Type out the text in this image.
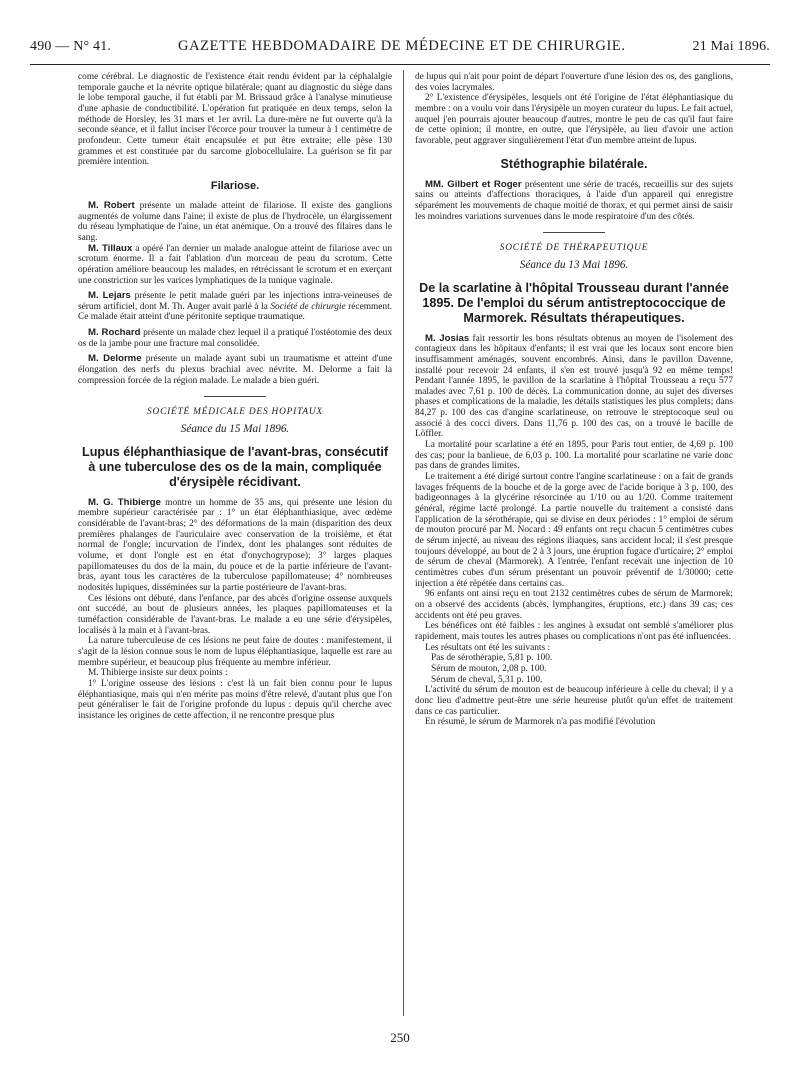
490 — N° 41.	GAZETTE HEBDOMADAIRE DE MÉDECINE ET DE CHIRURGIE.	21 Mai 1896.

come cérébral. Le diagnostic de l'existence était rendu évident par la céphalalgie temporale gauche et la névrite optique bilatérale; quant au diagnostic du siège dans le lobe temporal gauche, il fut établi par M. Brissaud grâce à l'analyse minutieuse d'une aphasie de conductibilité. L'opération fut pratiquée en deux temps, selon la méthode de Horsley, les 31 mars et 1er avril. La dure-mère ne fut ouverte qu'à la seconde séance, et il fallut inciser l'écorce pour trouver la tumeur à 1 centimètre de profondeur. Cette tumeur était encapsulée et put être extraite; elle pèse 130 grammes et est constituée par du sarcome globocellulaire. La guérison se fit par première intention.

Filariose.

M. Robert présente un malade atteint de filariose. Il existe des ganglions augmentés de volume dans l'aine; il existe de plus de l'hydrocèle, un élargissement du réseau lymphatique de l'aine, un état anémique. On a trouvé des filaires dans le sang.

M. Tillaux a opéré l'an dernier un malade analogue atteint de filariose avec un scrotum énorme. Il a fait l'ablation d'un morceau de peau du scrotum. Cette opération améliore beaucoup les malades, en rétrécissant le scrotum et en exerçant une constriction sur les varices lymphatiques de la tunique vaginale.

M. Lejars présente le petit malade guéri par les injections intra-veineuses de sérum artificiel, dont M. Th. Auger avait parlé à la Société de chirurgie récemment. Ce malade était atteint d'une péritonite septique traumatique.

M. Rochard présente un malade chez lequel il a pratiqué l'ostéotomie des deux os de la jambe pour une fracture mal consolidée.

M. Delorme présente un malade ayant subi un traumatisme et atteint d'une élongation des nerfs du plexus brachial avec névrite. M. Delorme a fait la compression forcée de la région malade. Le malade a bien guéri.

SOCIÉTÉ MÉDICALE DES HOPITAUX
Séance du 15 Mai 1896.
Lupus éléphanthiasique de l'avant-bras, consécutif à une tuberculose des os de la main, compliquée d'érysipèle récidivant.

M. G. Thibierge montre un homme de 35 ans, qui présente une lésion du membre supérieur caractérisée par : 1° un état éléphanthiasique, avec œdème considérable de l'avant-bras; 2° des déformations de la main (disparition des deux premières phalanges de l'auriculaire avec conservation de la troisième, et état normal de l'ongle; incurvation de l'index, dont les phalanges sont réduites de volume, et dont l'ongle est en état d'onychogrypose); 3° larges plaques papillomateuses du dos de la main, du pouce et de la partie inférieure de l'avant-bras, ayant tous les caractères de la tuberculose papillomateuse; 4° nombreuses nodosités lupiques, disséminées sur la partie postérieure de l'avant-bras.

Ces lésions ont débuté, dans l'enfance, par des abcès d'origine osseuse auxquels ont succédé, au bout de plusieurs années, les plaques papillomateuses et la tuméfaction considérable de l'avant-bras. Le malade a eu une série d'érysipèles, localisés à la main et à l'avant-bras.

La nature tuberculeuse de ces lésions ne peut faire de doutes : manifestement, il s'agit de la lésion connue sous le nom de lupus éléphantiasique, laquelle est rare au membre supérieur, et beaucoup plus fréquente au membre inférieur.

M. Thibierge insiste sur deux points :

1° L'origine osseuse des lésions : c'est là un fait bien connu pour le lupus éléphantiasique, mais qui n'en mérite pas moins d'être relevé, d'autant plus que l'on peut généraliser le fait de l'origine profonde du lupus : depuis qu'il cherche avec insistance les origines de cette affection, il ne rencontre presque plus

de lupus qui n'ait pour point de départ l'ouverture d'une lésion des os, des ganglions, des voies lacrymales.

2° L'existence d'érysipèles, lesquels ont été l'origine de l'état éléphantiasique du membre : on a voulu voir dans l'érysipèle un moyen curateur du lupus. Le fait actuel, auquel j'en pourrais ajouter beaucoup d'autres, montre le peu de cas qu'il faut faire de cette opinion; il montre, en outre, que l'érysipèle, au lieu d'avoir une action favorable, peut aggraver singulièrement l'état d'un membre atteint de lupus.

Stéthographie bilatérale.

MM. Gilbert et Roger présentent une série de tracés, recueillis sur des sujets sains ou atteints d'affections thoraciques, à l'aide d'un appareil qui enregistre séparément les mouvements de chaque moitié de thorax, et qui permet ainsi de saisir les moindres variations survenues dans le mode respiratoire d'un des côtés.

SOCIÉTÉ DE THÉRAPEUTIQUE
Séance du 13 Mai 1896.
De la scarlatine à l'hôpital Trousseau durant l'année 1895. De l'emploi du sérum antistreptococcique de Marmorek. Résultats thérapeutiques.

M. Josias fait ressortir les bons résultats obtenus au moyen de l'isolement des contagieux dans les hôpitaux d'enfants; il est vrai que les locaux sont encore bien insuffisamment aménagés, souvent encombrés. Ainsi, dans le pavillon Davenne, installé pour recevoir 24 enfants, il s'en est trouvé jusqu'à 92 en même temps! Pendant l'année 1895, le pavillon de la scarlatine à l'hôpital Trousseau a reçu 577 malades avec 7,61 p. 100 de décès. La communication donne, au sujet des diverses phases et complications de la maladie, les détails statistiques les plus complets; dans 84,27 p. 100 des cas d'angine scarlatineuse, on retrouve le streptocoque seul ou associé à des cocci divers. Dans 11,76 p. 100 des cas, on a trouvé le bacille de Löffler.

La mortalité pour scarlatine a été en 1895, pour Paris tout entier, de 4,69 p. 100 des cas; pour la banlieue, de 6,03 p. 100. La mortalité pour scarlatine ne varie donc pas dans de grandes limites.

Le traitement a été dirigé surtout contre l'angine scarlatineuse : on a fait de grands lavages fréquents de la bouche et de la gorge avec de l'acide borique à 3 p. 100, des badigeonnages à la glycérine résorcinée au 1/10 ou au 1/20. Comme traitement général, régime lacté prolongé. La partie nouvelle du traitement a consisté dans l'application de la sérothérapie, qui se divise en deux périodes : 1° emploi de sérum de mouton procuré par M. Nocard : 49 enfants ont reçu chacun 5 centimètres cubes de sérum injecté, au niveau des régions iliaques, sans accident local; il s'est presque toujours développé, au bout de 2 à 3 jours, une éruption fugace d'urticaire; 2° emploi de sérum de cheval (Marmorek). A l'entrée, l'enfant recevait une injection de 10 centimètres cubes d'un sérum présentant un pouvoir préventif de 1/30000; cette injection a été répétée dans certains cas.

96 enfants ont ainsi reçu en tout 2132 centimètres cubes de sérum de Marmorek; on a observé des accidents (abcès, lymphangites, éruptions, etc.) dans 39 cas; ces accidents ont été peu graves.

Les bénéfices ont été faibles : les angines à exsudat ont semblé s'améliorer plus rapidement, mais toutes les autres phases ou complications n'ont pas été influencées.

Les résultats ont été les suivants :

Pas de sérothérapie, 5,81 p. 100.
Sérum de mouton, 2,08 p. 100.
Sérum de cheval, 5,31 p. 100.

L'activité du sérum de mouton est de beaucoup inférieure à celle du cheval; il y a donc lieu d'admettre peut-être une série heureuse plutôt qu'un effet de traitement dans ce cas particulier.

En résumé, le sérum de Marmorek n'a pas modifié l'évolution

250
